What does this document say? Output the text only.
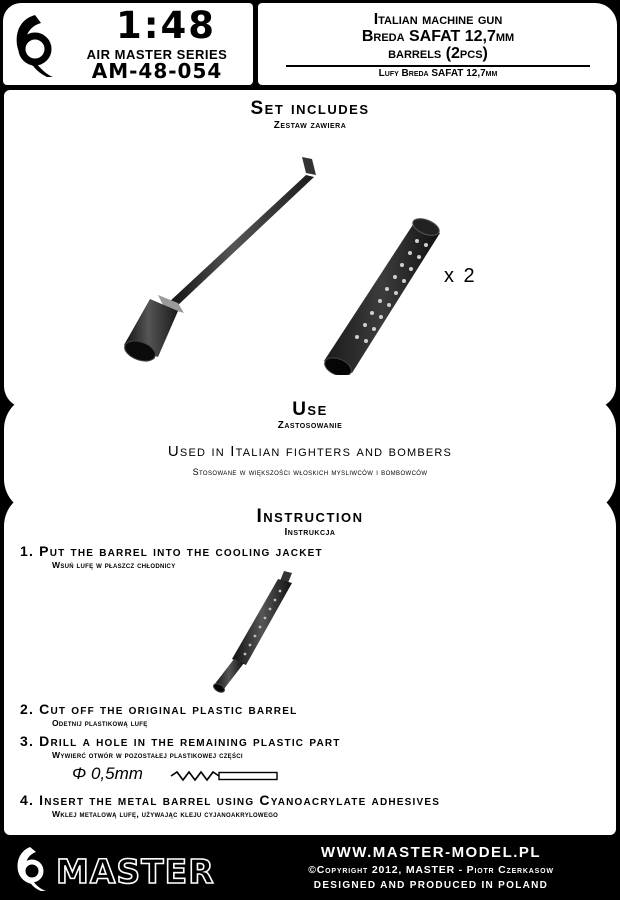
1:48
AIR MASTER SERIES
AM-48-054
Italian machine gun
Breda SAFAT 12,7mm
barrels (2pcs)
Lufy Breda SAFAT 12,7mm
Set includes
Zestaw zawiera
x 2
Use
Zastosowanie
Used in Italian fighters and bombers
Stosowane w większości włoskich mysliwców i bombowców
Instruction
Instrukcja
1. Put the barrel into the cooling jacket
Wsuń lufę w płaszcz chłodnicy
2. Cut off the original plastic barrel
Odetnij plastikową lufę
3. Drill a hole in the remaining plastic part
Wywierć otwór w pozostałej plastikowej części
Φ 0,5mm
4. Insert the metal barrel using Cyanoacrylate adhesives
Wklej metalową lufę, używając kleju cyjanoakrylowego
MASTER	WWW.MASTER-MODEL.PL
©Copyright 2012, MASTER - Piotr Czerkasow
DESIGNED AND PRODUCED IN POLAND
